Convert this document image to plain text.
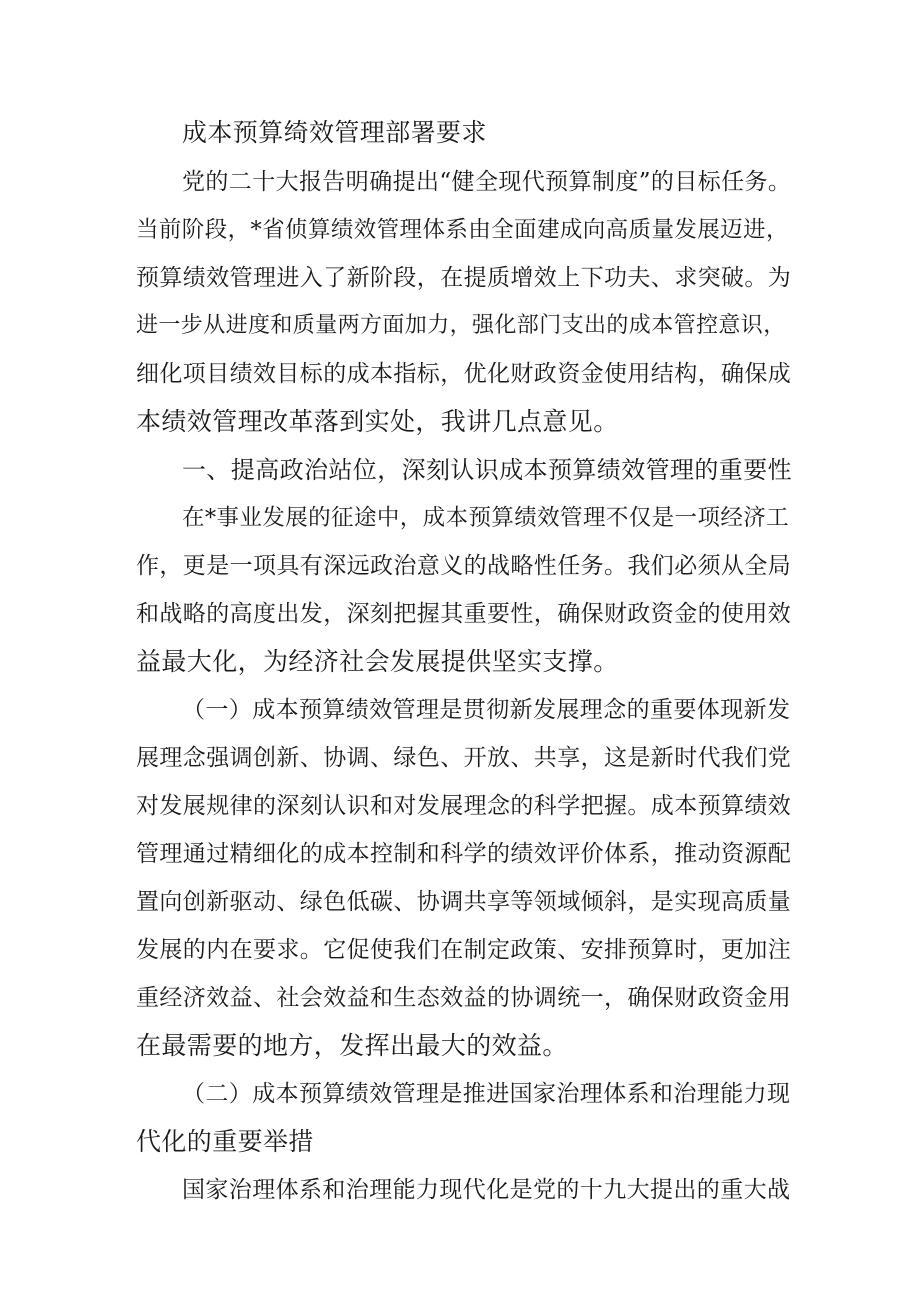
成本预算绮效管理部署要求
党的二十大报告明确提出“健全现代预算制度”的目标任务。
当前阶段，*省侦算绩效管理体系由全面建成向高质量发展迈进，
预算绩效管理进入了新阶段，在提质增效上下功夫、求突破。为
进一步从进度和质量两方面加力，强化部门支出的成本管控意识，
细化项目绩效目标的成本指标，优化财政资金使用结构，确保成
本绩效管理改革落到实处，我讲几点意见。
一、提高政治站位，深刻认识成本预算绩效管理的重要性
在*事业发展的征途中，成本预算绩效管理不仅是一项经济工
作，更是一项具有深远政治意义的战略性任务。我们必须从全局
和战略的高度出发，深刻把握其重要性，确保财政资金的使用效
益最大化，为经济社会发展提供坚实支撑。
（一）成本预算绩效管理是贯彻新发展理念的重要体现新发
展理念强调创新、协调、绿色、开放、共享，这是新时代我们党
对发展规律的深刻认识和对发展理念的科学把握。成本预算绩效
管理通过精细化的成本控制和科学的绩效评价体系，推动资源配
置向创新驱动、绿色低碳、协调共享等领域倾斜，是实现高质量
发展的内在要求。它促使我们在制定政策、安排预算时，更加注
重经济效益、社会效益和生态效益的协调统一，确保财政资金用
在最需要的地方，发挥出最大的效益。
（二）成本预算绩效管理是推进国家治理体系和治理能力现
代化的重要举措
国家治理体系和治理能力现代化是党的十九大提出的重大战
